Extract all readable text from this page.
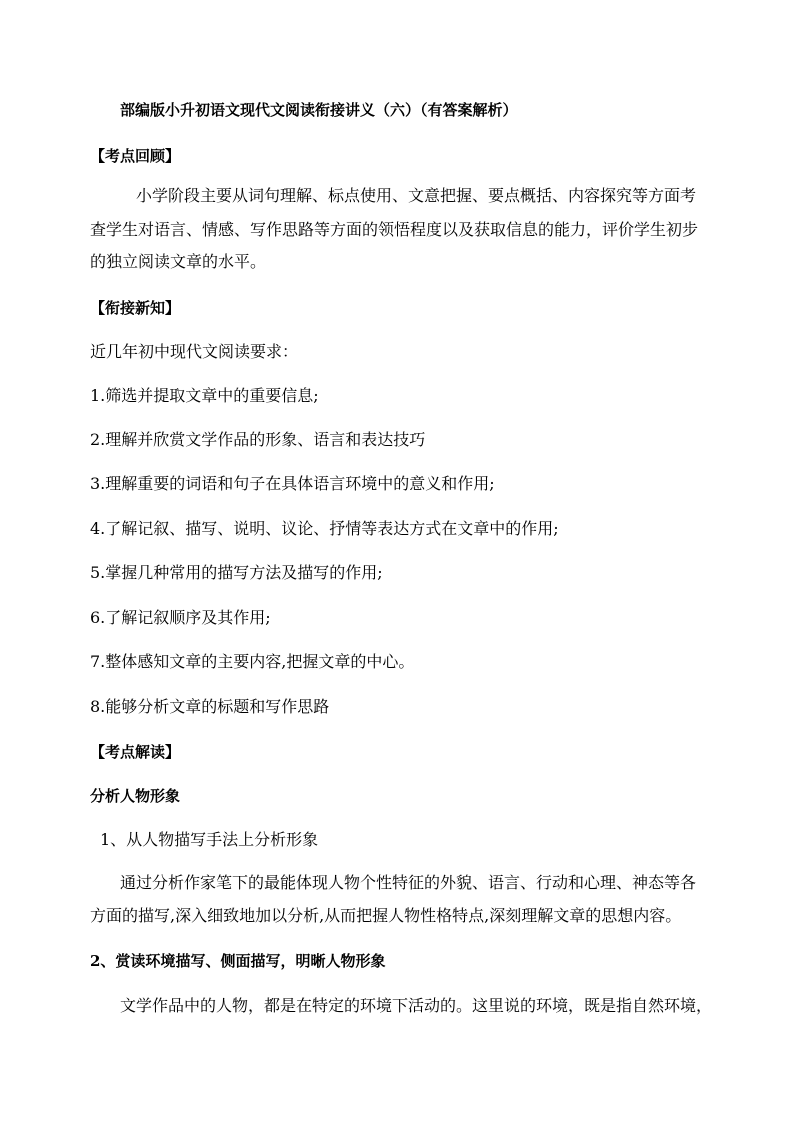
部编版小升初语文现代文阅读衔接讲义（六）（有答案解析）
【考点回顾】
小学阶段主要从词句理解、标点使用、文意把握、要点概括、内容探究等方面考
查学生对语言、情感、写作思路等方面的领悟程度以及获取信息的能力，评价学生初步
的独立阅读文章的水平。
【衔接新知】
近几年初中现代文阅读要求：
1.筛选并提取文章中的重要信息;
2.理解并欣赏文学作品的形象、语言和表达技巧
3.理解重要的词语和句子在具体语言环境中的意义和作用;
4.了解记叙、描写、说明、议论、抒情等表达方式在文章中的作用;
5.掌握几种常用的描写方法及描写的作用;
6.了解记叙顺序及其作用;
7.整体感知文章的主要内容,把握文章的中心。
8.能够分析文章的标题和写作思路
【考点解读】
分析人物形象
1、从人物描写手法上分析形象
通过分析作家笔下的最能体现人物个性特征的外貌、语言、行动和心理、神态等各
方面的描写,深入细致地加以分析,从而把握人物性格特点,深刻理解文章的思想内容。
2、赏读环境描写、侧面描写，明晰人物形象
文学作品中的人物，都是在特定的环境下活动的。这里说的环境，既是指自然环境，
